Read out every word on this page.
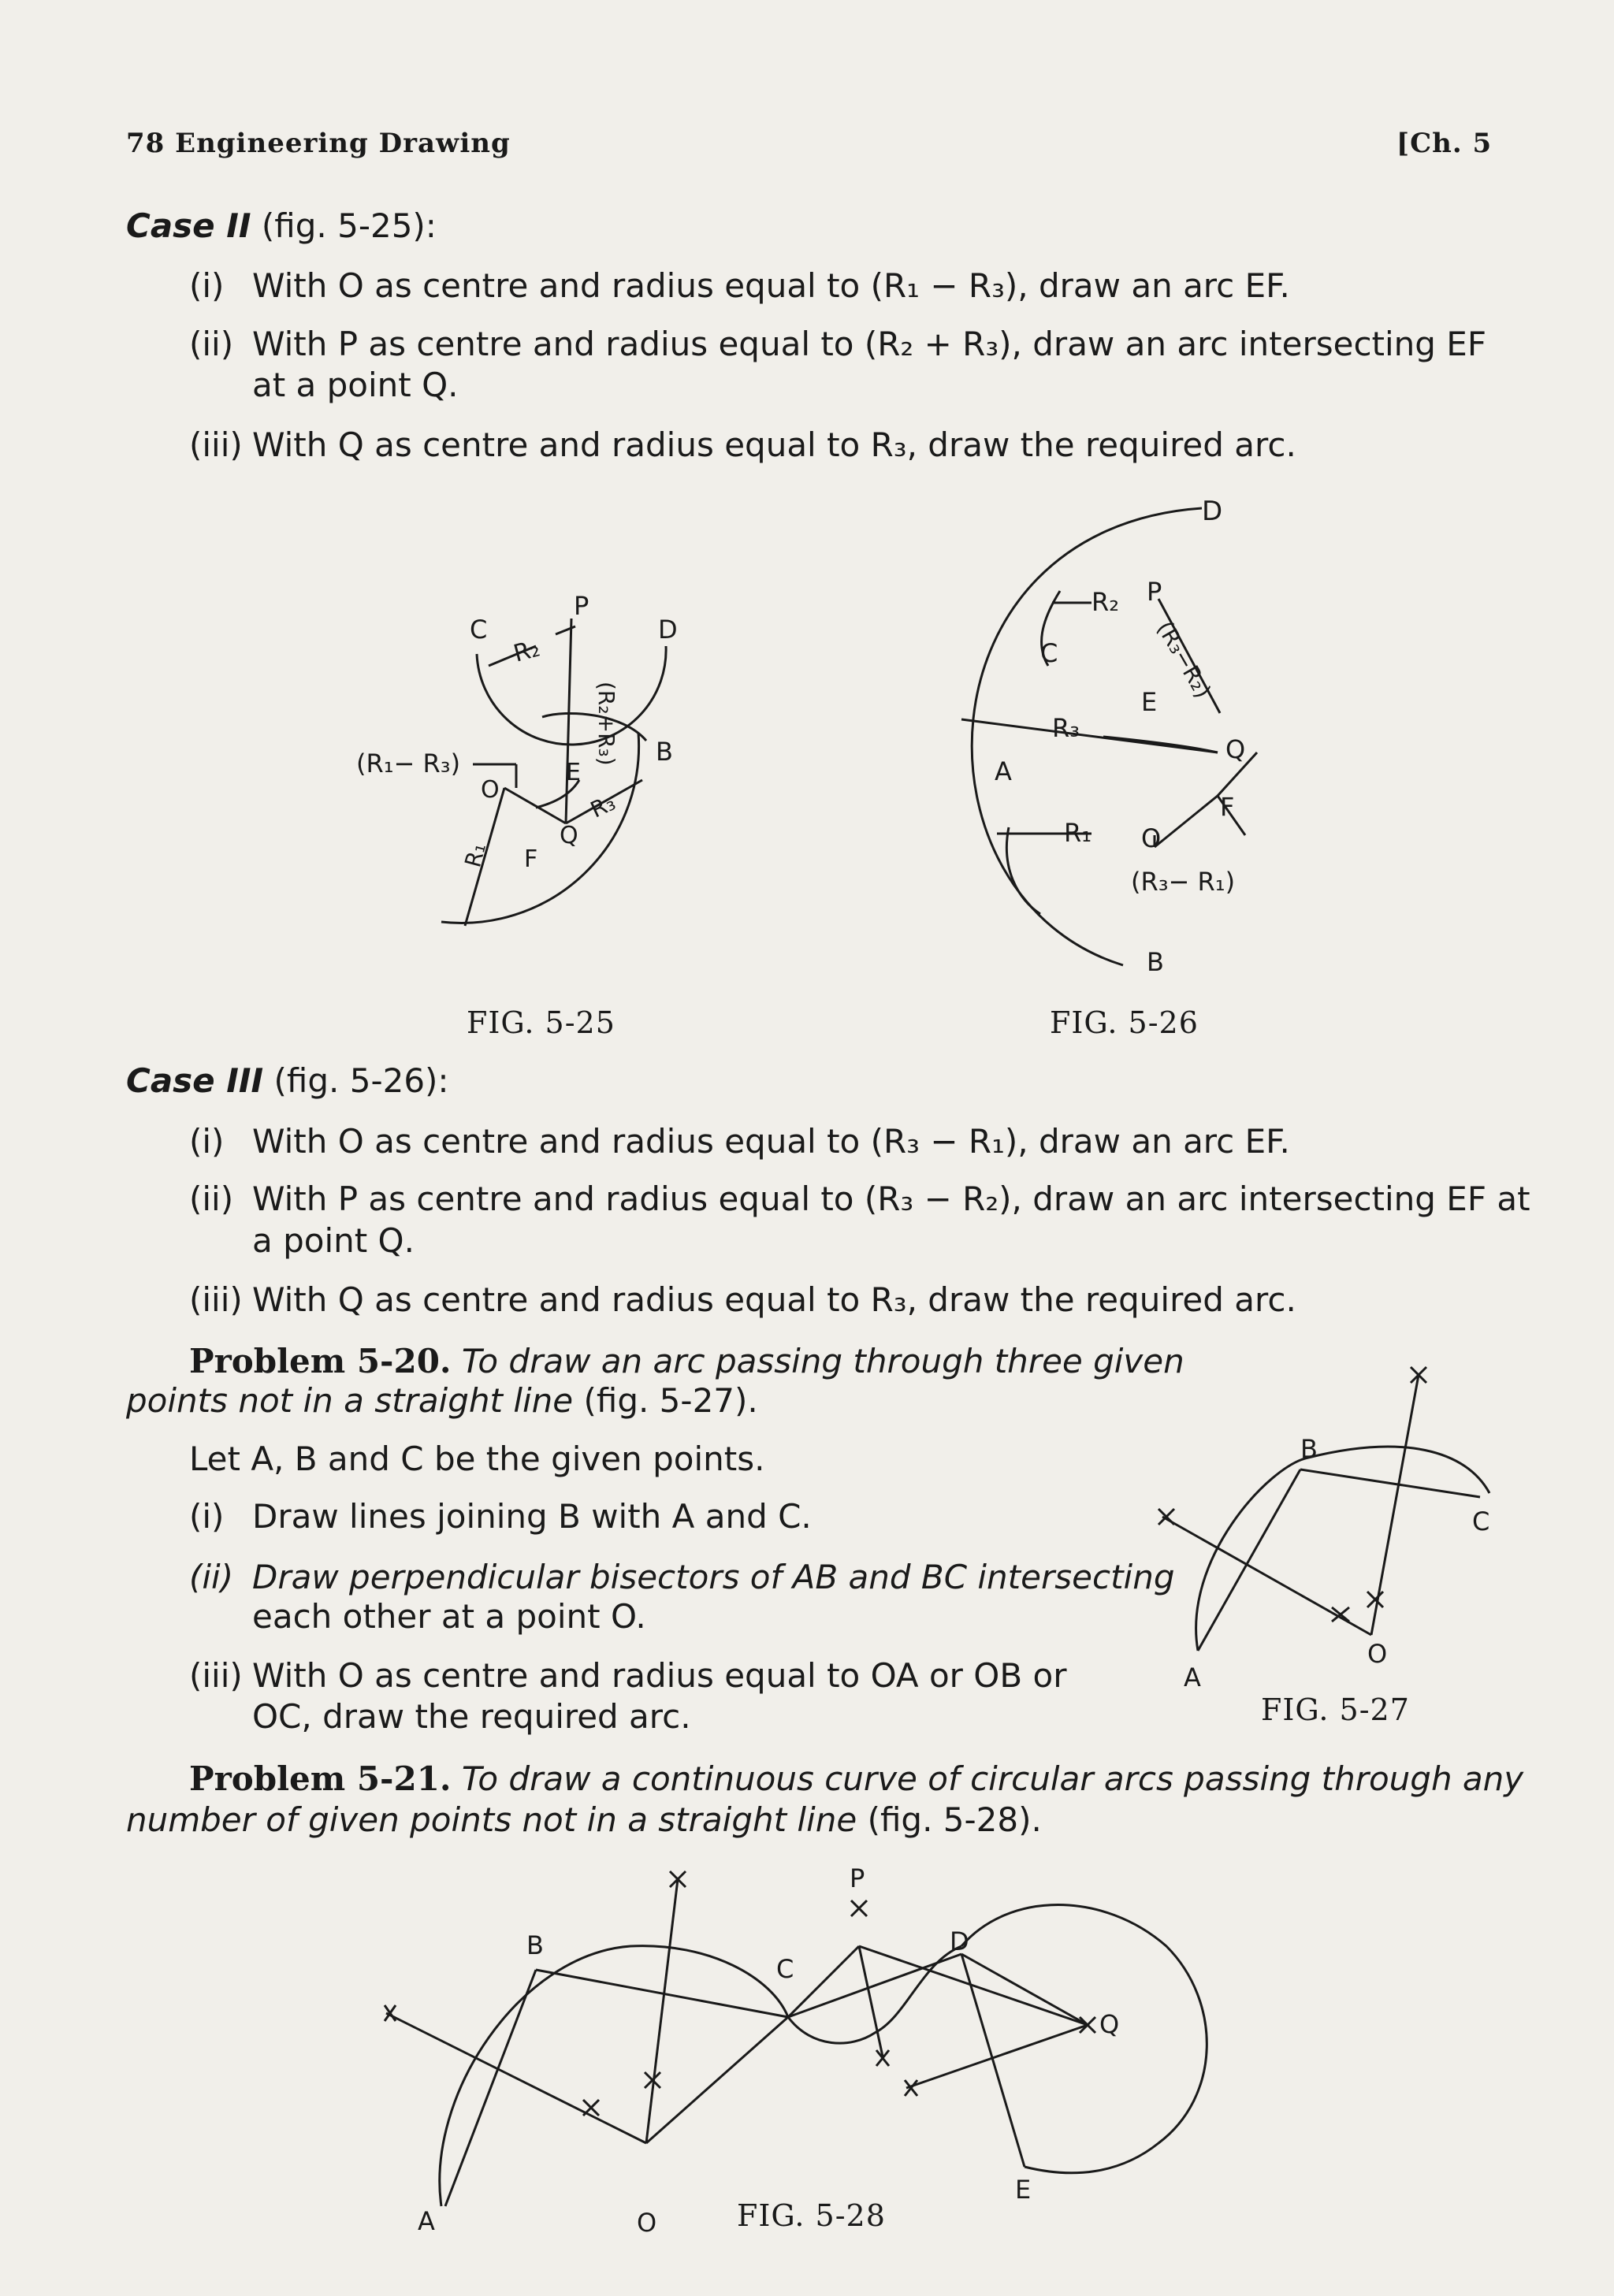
78 Engineering Drawing	[Ch. 5
Case II (fig. 5-25):
(i) With O as centre and radius equal to (R₁ − R₃), draw an arc EF.
(ii) With P as centre and radius equal to (R₂ + R₃), draw an arc intersecting EF
at a point Q.
(iii) With Q as centre and radius equal to R₃, draw the required arc.
C
P
D
B
E
O
Q
F
R₂
(R₂+R₃)
R₃
R₁
(R₁− R₃)
D
P
C
E
Q
A
F
O
B
R₂
R₃
R₁
(R₃−R₂)
(R₃− R₁)
B
C
O
A
B
C
D
P
Q
A	O
E
FIG. 5-25	FIG. 5-26
Case III (fig. 5-26):
(i) With O as centre and radius equal to (R₃ − R₁), draw an arc EF.
(ii) With P as centre and radius equal to (R₃ − R₂), draw an arc intersecting EF at
a point Q.
(iii) With Q as centre and radius equal to R₃, draw the required arc.
Problem 5-20. To draw an arc passing through three given
points not in a straight line (fig. 5-27).
Let A, B and C be the given points.
(i) Draw lines joining B with A and C.
(ii) Draw perpendicular bisectors of AB and BC intersecting
each other at a point O.
(iii) With O as centre and radius equal to OA or OB or
OC, draw the required arc.	FIG. 5-27
Problem 5-21. To draw a continuous curve of circular arcs passing through any
number of given points not in a straight line (fig. 5-28).
FIG. 5-28
